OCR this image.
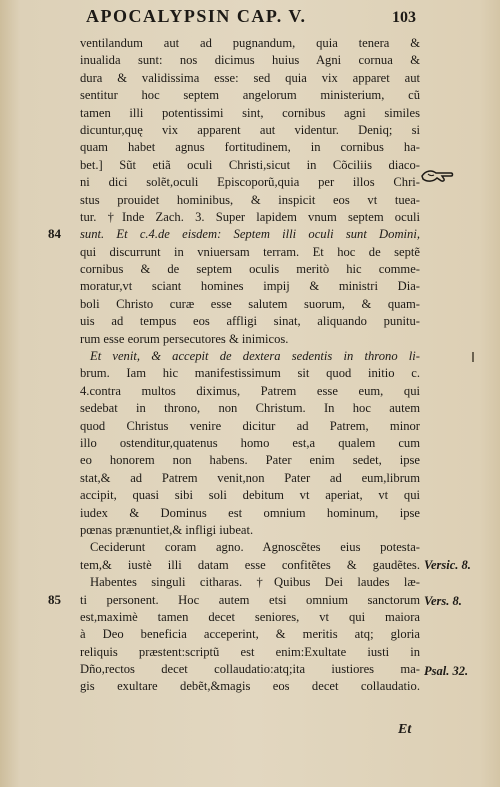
APOCALYPSIN CAP. V.	103
ventilandum aut ad pugnandum, quia tenera &
inualida sunt: nos dicimus huius Agni cornua &
dura & validissima esse: sed quia vix apparet aut
sentitur hoc septem angelorum ministerium, cũ
tamen illi potentissimi sint, cornibus agni similes
dicuntur,quę vix apparent aut videntur. Deniq; si
quam habet agnus fortitudinem, in cornibus ha-
bet.] Sũt etiã oculi Christi,sicut in Cõciliis diaco-
ni dici solẽt,oculi Episcoporũ,quia per illos Chri-
stus prouidet hominibus, & inspicit eos vt tuea-
tur. †Inde Zach. 3. Super lapidem vnum septem oculi
sunt. Et c.4.de eisdem: Septem illi oculi sunt Domini,
qui discurrunt in vniuersam terram. Et hoc de septẽ
cornibus & de septem oculis meritò hic comme-
moratur,vt sciant homines impij & ministri Dia-
boli Christo curæ esse salutem suorum, & quam-
uis ad tempus eos affligi sinat, aliquando punitu-
rum esse eorum persecutores & inimicos.
Et venit, & accepit de dextera sedentis in throno li-
brum. Iam hic manifestissimum sit quod initio c.
4.contra multos diximus, Patrem esse eum, qui
sedebat in throno, non Christum. In hoc autem
quod Christus venire dicitur ad Patrem, minor
illo ostenditur,quatenus homo est,a qualem cum
eo honorem non habens. Pater enim sedet, ipse
stat,& ad Patrem venit,non Pater ad eum,librum
accipit, quasi sibi soli debitum vt aperiat, vt qui
iudex & Dominus est omnium hominum, ipse
pœnas prænuntiet,& infligi iubeat.
Ceciderunt coram agno. Agnoscẽtes eius potesta-
tem,& iustè illi datam esse confitẽtes & gaudẽtes.
Habentes singuli citharas. †Quibus Dei laudes læ-
ti personent. Hoc autem etsi omnium sanctorum
est,maximè tamen decet seniores, vt qui maiora
à Deo beneficia acceperint, & meritis atq; gloria
reliquis præstent:scriptũ est enim:Exultate iusti in
Dño,rectos decet collaudatio:atq;ita iustiores ma-
gis exultare debẽt,&magis eos decet collaudatio.
84
85
Versic. 8.
Vers. 8.
Psal. 32.
Et
